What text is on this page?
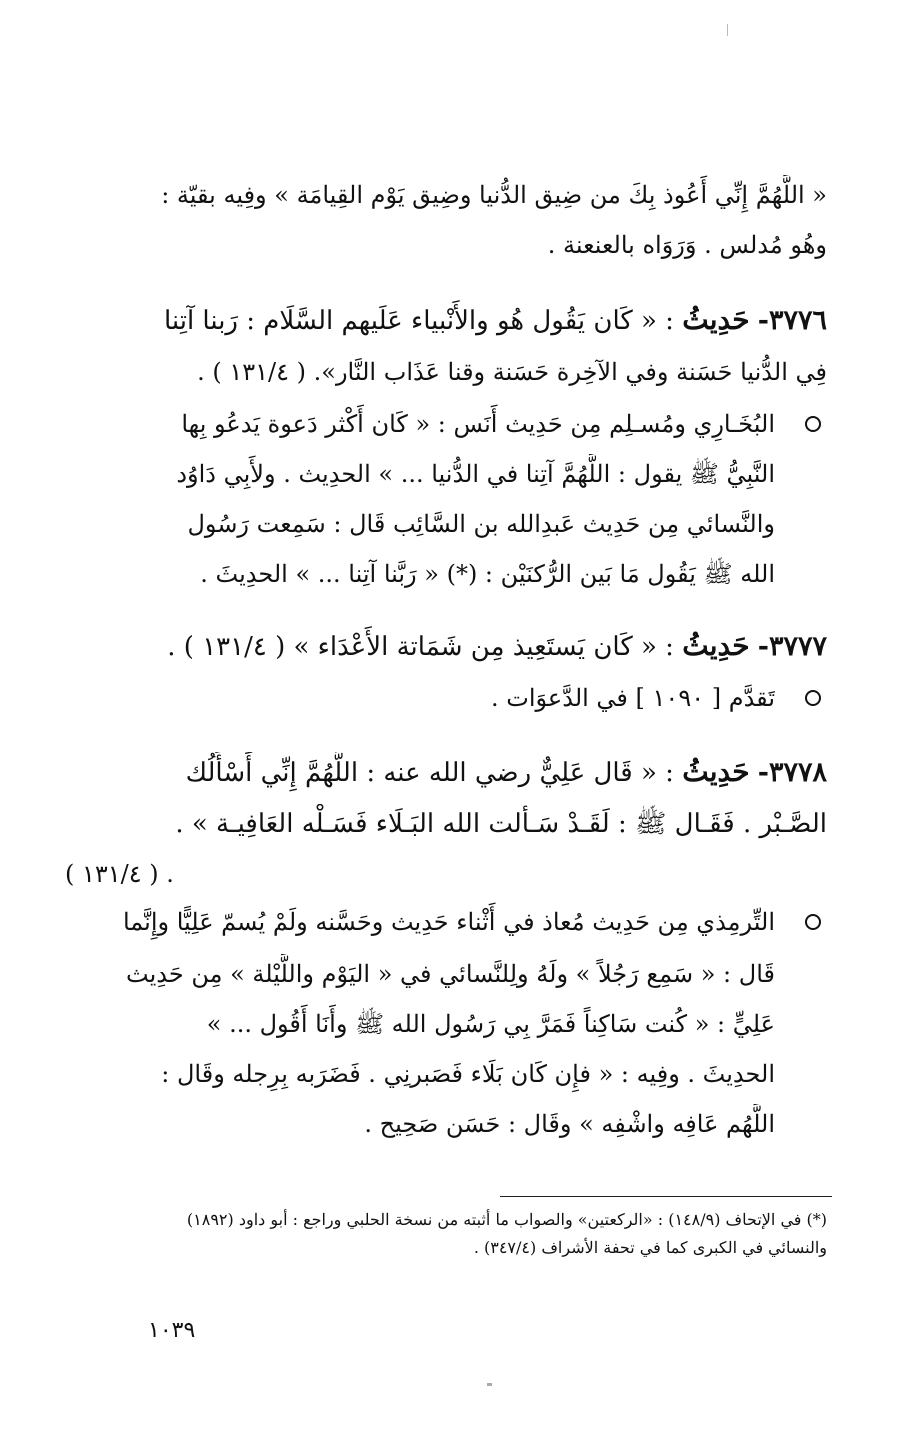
« اللَّهُمَّ إِنِّي أَعُوذ بِكَ من ضِيق الدُّنيا وضِيق يَوْم القِيامَة » وفِيه بقيّة :
وهُو مُدلس . وَرَوَاه بالعنعنة .
٣٧٧٦- حَدِيثُ : « كَان يَقُول هُو والأَنْبياء عَلَيهم السَّلَام : رَبنا آتِنا
فِي الدُّنيا حَسَنة وفي الآخِرة حَسَنة وقنا عَذَاب النَّار». ( ١٣١/٤ ) .
البُخَـارِي ومُسـلِم مِن حَدِيث أَنَس : « كَان أَكْثر دَعوة يَدعُو بِها
النَّبِيُّ ﷺ يقول : اللَّهُمَّ آتِنا في الدُّنيا ... » الحدِيث . ولأَبِي دَاوُد
والنَّسائي مِن حَدِيث عَبدِالله بن السَّائِب قَال : سَمِعت رَسُول
الله ﷺ يَقُول مَا بَين الرُّكنَيْن : (*) « رَبَّنا آتِنا ... » الحدِيثَ .
٣٧٧٧- حَدِيثُ : « كَان يَستَعِيذ مِن شَمَاتة الأَعْدَاء » ( ١٣١/٤ ) .
تَقدَّم [ ١٠٩٠ ] في الدَّعوَات .
٣٧٧٨- حَدِيثُ : « قَال عَلِيٌّ رضي الله عنه : اللَّهُمَّ إِنِّي أَسْأَلُك
الصَّـبْر . فَقَـال ﷺ : لَقَـدْ سَـأَلت الله البَـلَاء فَسَـلْه العَافِيـة » .
( ١٣١/٤ ) .
التِّرمِذي مِن حَدِيث مُعاذ في أَثْناء حَدِيث وحَسَّنه ولَمْ يُسمّ عَلِيًّا وإِنَّما
قَال : « سَمِع رَجُلاً » ولَهُ ولِلنَّسائي في « اليَوْم واللَّيْلة » مِن حَدِيث
عَلِيٍّ : « كُنت سَاكِناً فَمَرَّ بِي رَسُول الله ﷺ وأَنَا أَقُول ... »
الحدِيثَ . وفِيه : « فإِن كَان بَلَاء فَصَبرنِي . فَضَرَبه بِرِجله وقَال :
اللَّهُم عَافِه واشْفِه » وقَال : حَسَن صَحِيح .
(*) في الإتحاف (١٤٨/٩) : «الركعتين» والصواب ما أثبته من نسخة الحلبي وراجع : أبو داود (١٨٩٢)
والنسائي في الكبرى كما في تحفة الأشراف (٣٤٧/٤) .
١٠٣٩
